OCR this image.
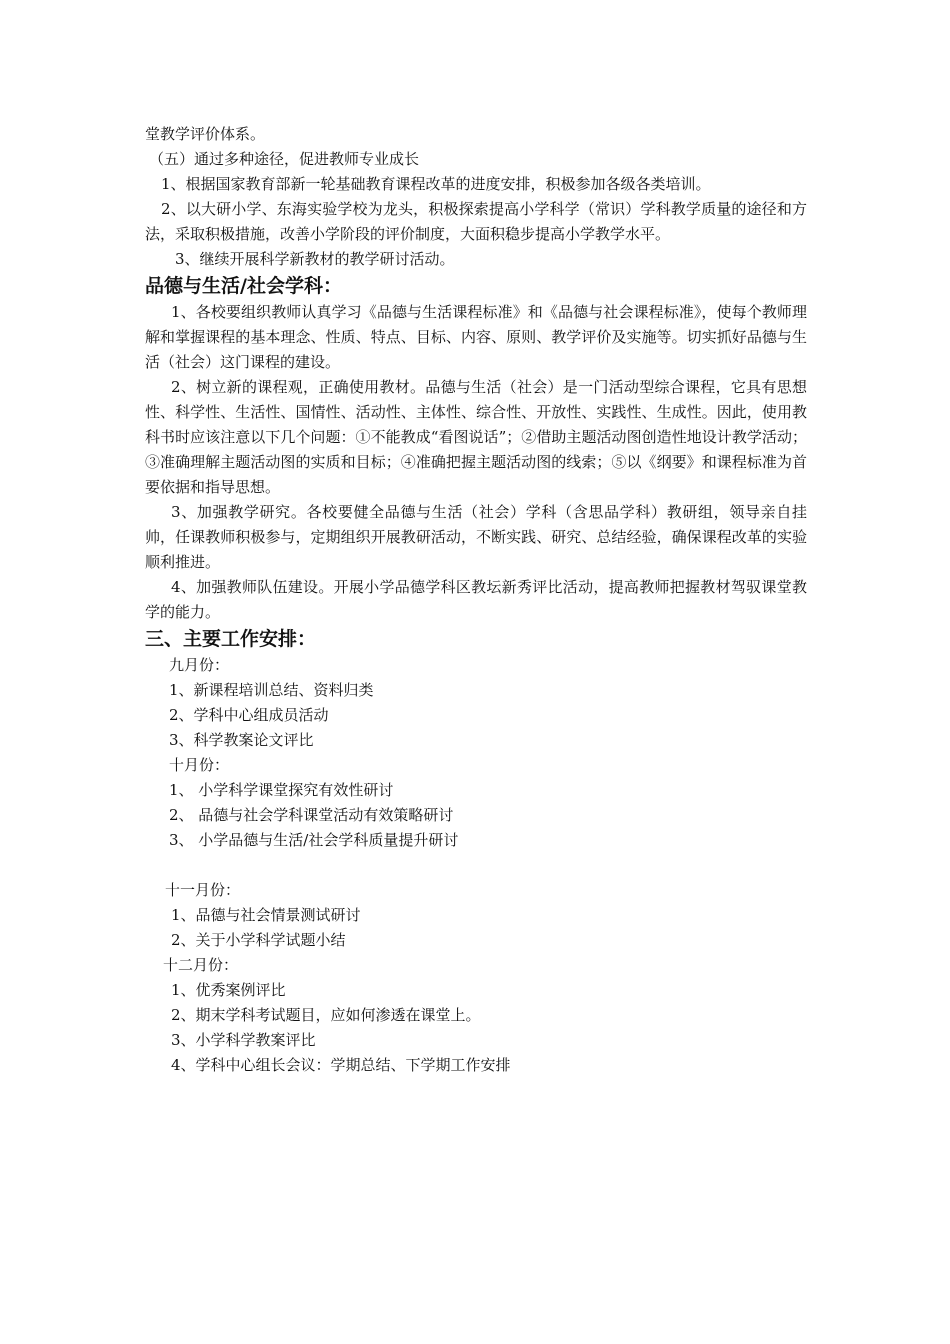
堂教学评价体系。

（五）通过多种途径，促进教师专业成长

1、根据国家教育部新一轮基础教育课程改革的进度安排，积极参加各级各类培训。

2、以大研小学、东海实验学校为龙头，积极探索提高小学科学（常识）学科教学质量的途径和方法，采取积极措施，改善小学阶段的评价制度，大面积稳步提高小学教学水平。

3、继续开展科学新教材的教学研讨活动。

品德与生活/社会学科：

1、各校要组织教师认真学习《品德与生活课程标准》和《品德与社会课程标准》，使每个教师理解和掌握课程的基本理念、性质、特点、目标、内容、原则、教学评价及实施等。切实抓好品德与生活（社会）这门课程的建设。

2、树立新的课程观，正确使用教材。品德与生活（社会）是一门活动型综合课程，它具有思想性、科学性、生活性、国情性、活动性、主体性、综合性、开放性、实践性、生成性。因此，使用教科书时应该注意以下几个问题：①不能教成“看图说话”；②借助主题活动图创造性地设计教学活动；③准确理解主题活动图的实质和目标；④准确把握主题活动图的线索；⑤以《纲要》和课程标准为首要依据和指导思想。

3、加强教学研究。各校要健全品德与生活（社会）学科（含思品学科）教研组，领导亲自挂帅，任课教师积极参与，定期组织开展教研活动，不断实践、研究、总结经验，确保课程改革的实验顺利推进。

4、加强教师队伍建设。开展小学品德学科区教坛新秀评比活动，提高教师把握教材驾驭课堂教学的能力。

三、主要工作安排：

九月份：

1、新课程培训总结、资料归类

2、学科中心组成员活动

3、科学教案论文评比

十月份：

1、 小学科学课堂探究有效性研讨

2、 品德与社会学科课堂活动有效策略研讨

3、 小学品德与生活/社会学科质量提升研讨

十一月份：

1、品德与社会情景测试研讨

2、关于小学科学试题小结

十二月份：

1、优秀案例评比

2、期末学科考试题目，应如何渗透在课堂上。

3、小学科学教案评比

4、学科中心组长会议：学期总结、下学期工作安排
